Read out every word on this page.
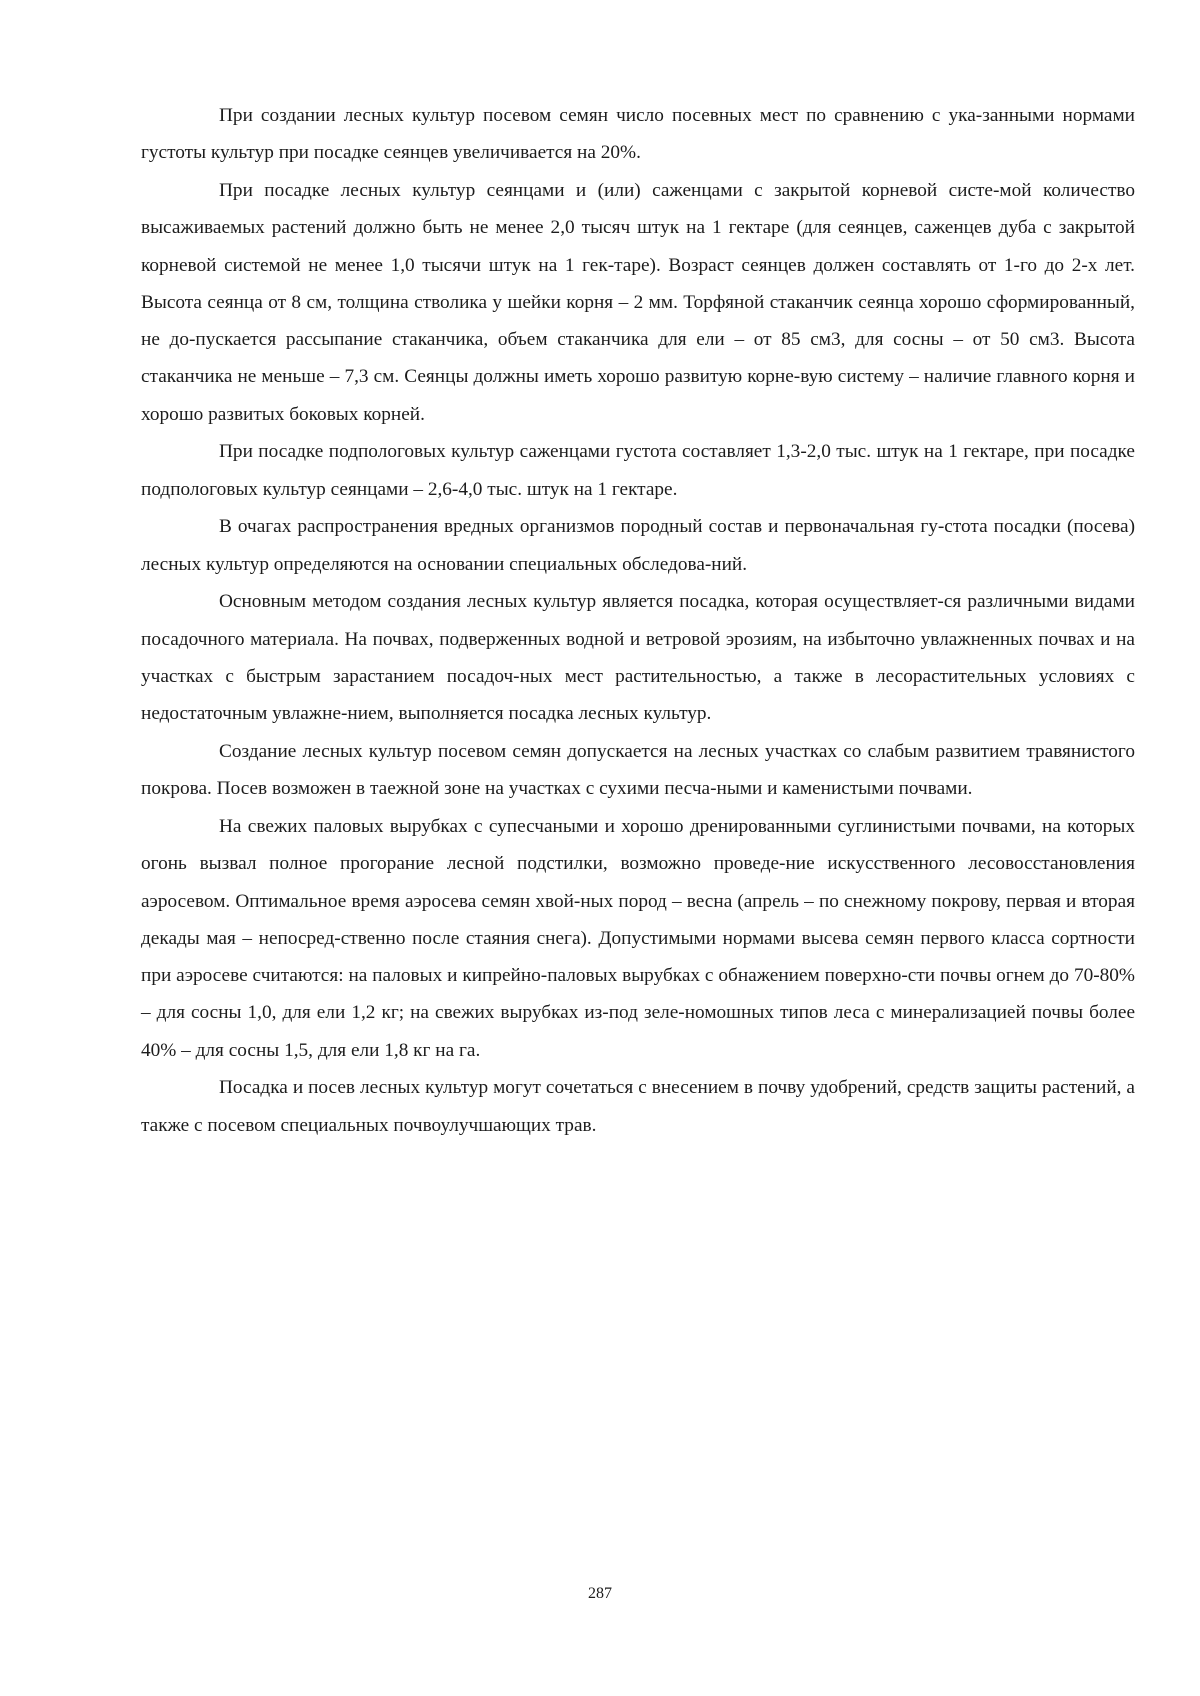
При создании лесных культур посевом семян число посевных мест по сравнению с ука-занными нормами густоты культур при посадке сеянцев увеличивается на 20%.

При посадке лесных культур сеянцами и (или) саженцами с закрытой корневой систе-мой количество высаживаемых растений должно быть не менее 2,0 тысяч штук на 1 гектаре (для сеянцев, саженцев дуба с закрытой корневой системой не менее 1,0 тысячи штук на 1 гек-таре). Возраст сеянцев должен составлять от 1-го до 2-х лет. Высота сеянца от 8 см, толщина стволика у шейки корня – 2 мм. Торфяной стаканчик сеянца хорошо сформированный, не до-пускается рассыпание стаканчика, объем стаканчика для ели – от 85 см3, для сосны – от 50 см3. Высота стаканчика не меньше – 7,3 см. Сеянцы должны иметь хорошо развитую корне-вую систему – наличие главного корня и хорошо развитых боковых корней.

При посадке подпологовых культур саженцами густота составляет 1,3-2,0 тыс. штук на 1 гектаре, при посадке подпологовых культур сеянцами – 2,6-4,0 тыс. штук на 1 гектаре.

В очагах распространения вредных организмов породный состав и первоначальная гу-стота посадки (посева) лесных культур определяются на основании специальных обследова-ний.

Основным методом создания лесных культур является посадка, которая осуществляет-ся различными видами посадочного материала. На почвах, подверженных водной и ветровой эрозиям, на избыточно увлажненных почвах и на участках с быстрым зарастанием посадоч-ных мест растительностью, а также в лесорастительных условиях с недостаточным увлажне-нием, выполняется посадка лесных культур.

Создание лесных культур посевом семян допускается на лесных участках со слабым развитием травянистого покрова. Посев возможен в таежной зоне на участках с сухими песча-ными и каменистыми почвами.

На свежих паловых вырубках с супесчаными и хорошо дренированными суглинистыми почвами, на которых огонь вызвал полное прогорание лесной подстилки, возможно проведе-ние искусственного лесовосстановления аэросевом. Оптимальное время аэросева семян хвой-ных пород – весна (апрель – по снежному покрову, первая и вторая декады мая – непосред-ственно после стаяния снега). Допустимыми нормами высева семян первого класса сортности при аэросеве считаются: на паловых и кипрейно-паловых вырубках с обнажением поверхно-сти почвы огнем до 70-80% – для сосны 1,0, для ели 1,2 кг; на свежих вырубках из-под зеле-номошных типов леса с минерализацией почвы более 40% – для сосны 1,5, для ели 1,8 кг на га.

Посадка и посев лесных культур могут сочетаться с внесением в почву удобрений, средств защиты растений, а также с посевом специальных почвоулучшающих трав.

287
